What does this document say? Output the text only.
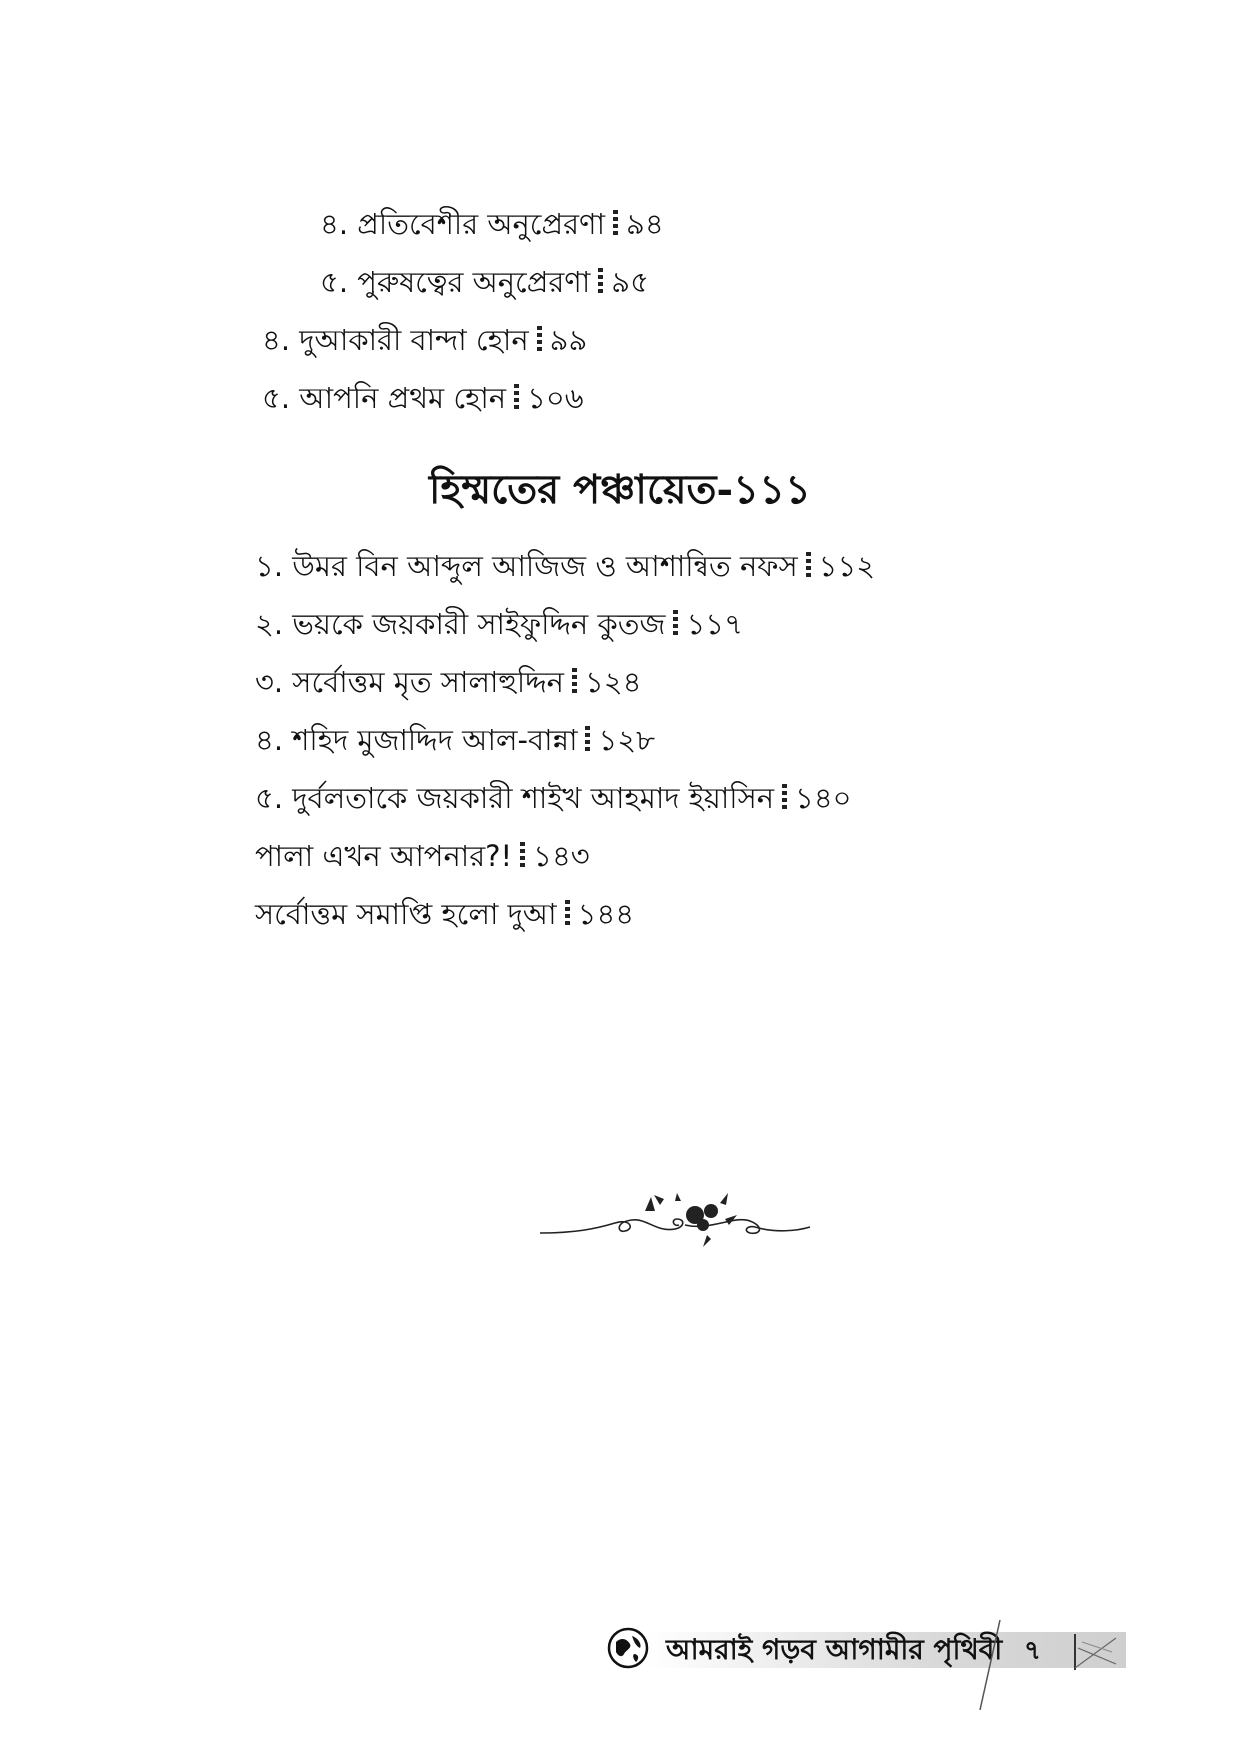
৪. প্রতিবেশীর অনুপ্রেরণা ৯৪
৫. পুরুষত্বের অনুপ্রেরণা ৯৫
৪. দুআকারী বান্দা হোন ৯৯
৫. আপনি প্রথম হোন ১০৬
হিম্মতের পঞ্চায়েত-১১১
১. উমর বিন আব্দুল আজিজ ও আশান্বিত নফস ১১২
২. ভয়কে জয়কারী সাইফুদ্দিন কুতজ ১১৭
৩. সর্বোত্তম মৃত সালাহুদ্দিন ১২৪
৪. শহিদ মুজাদ্দিদ আল-বান্না ১২৮
৫. দুর্বলতাকে জয়কারী শাইখ আহমাদ ইয়াসিন ১৪০
পালা এখন আপনার?! ১৪৩
সর্বোত্তম সমাপ্তি হলো দুআ ১৪৪
আমরাই গড়ব আগামীর পৃথিবী ৭
